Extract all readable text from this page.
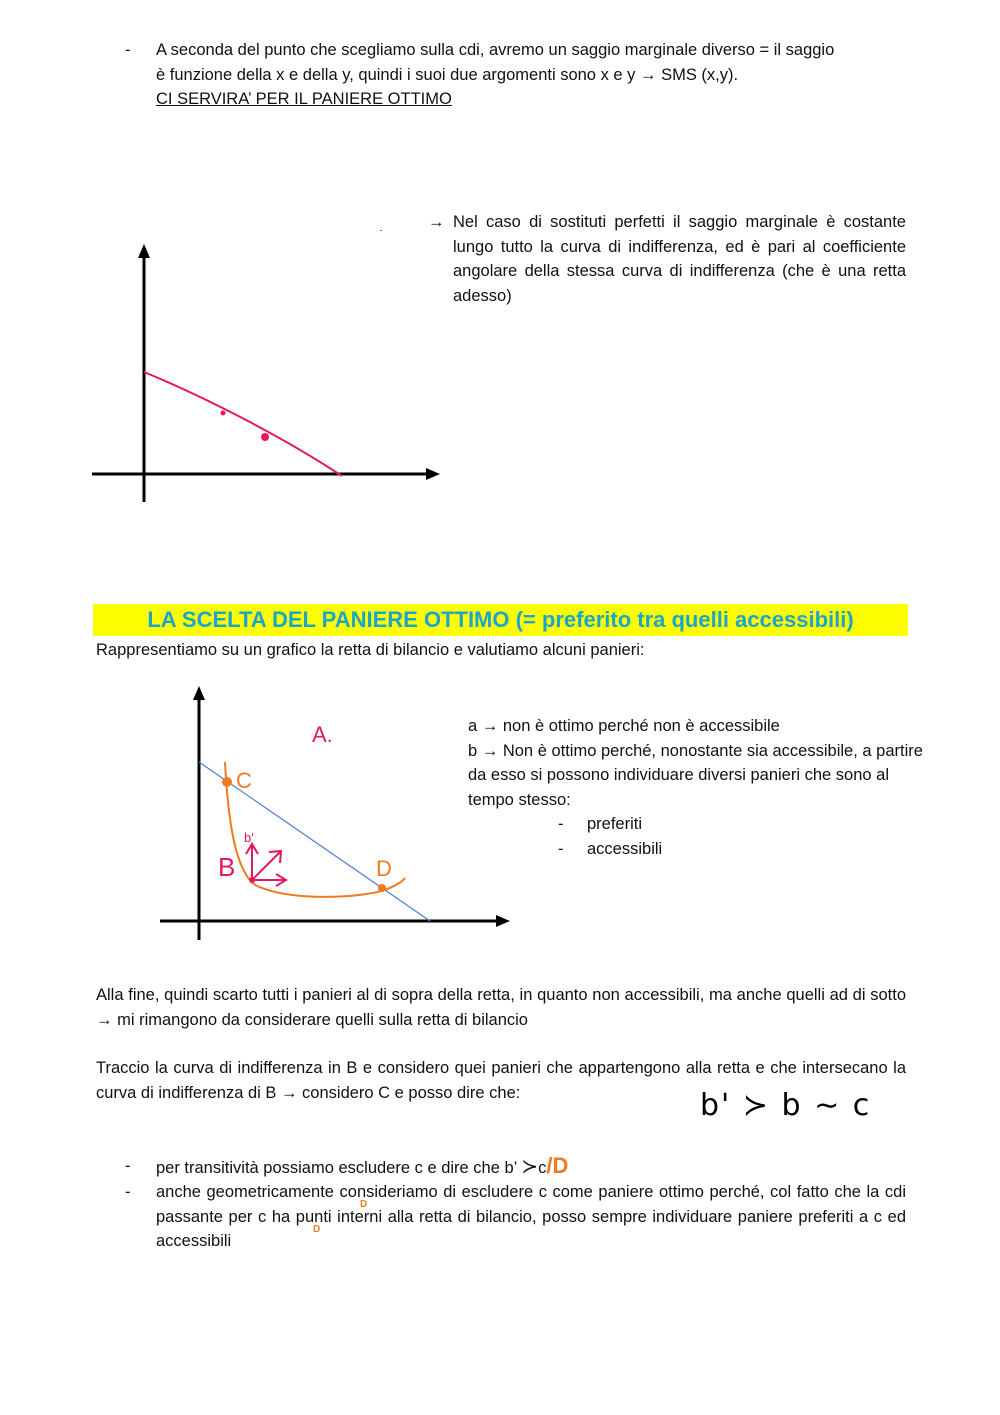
- A seconda del punto che scegliamo sulla cdi, avremo un saggio marginale diverso = il saggio
è funzione della x e della y, quindi i suoi due argomenti sono x e y → SMS (x,y).
CI SERVIRA’ PER IL PANIERE OTTIMO
→ Nel caso di sostituti perfetti il saggio marginale è costante lungo tutto la curva di indifferenza, ed è pari al coefficiente angolare della stessa curva di indifferenza (che è una retta adesso)
LA SCELTA DEL PANIERE OTTIMO (= preferito tra quelli accessibili)
Rappresentiamo su un grafico la retta di bilancio e valutiamo alcuni panieri:
A.
C
B
b'
D
a → non è ottimo perché non è accessibile
b → Non è ottimo perché, nonostante sia accessibile, a partire da esso si possono individuare diversi panieri che sono al tempo stesso:
- preferiti
- accessibili
Alla fine, quindi scarto tutti i panieri al di sopra della retta, in quanto non accessibili, ma anche quelli ad di sotto → mi rimangono da considerare quelli sulla retta di bilancio
Traccio la curva di indifferenza in B e considero quei panieri che appartengono alla retta e che intersecano la curva di indifferenza di B → considero C e posso dire che:	b' ≻ b ∼ c
- per transitività possiamo escludere c e dire che b’ ≻c/D
- anche geometricamente consideriamo di escludere c come paniere ottimo perché, col fatto che la cdi passante per c ha punti interni alla retta di bilancio, posso sempre individuare paniere preferiti a c ed accessibili
D
D
